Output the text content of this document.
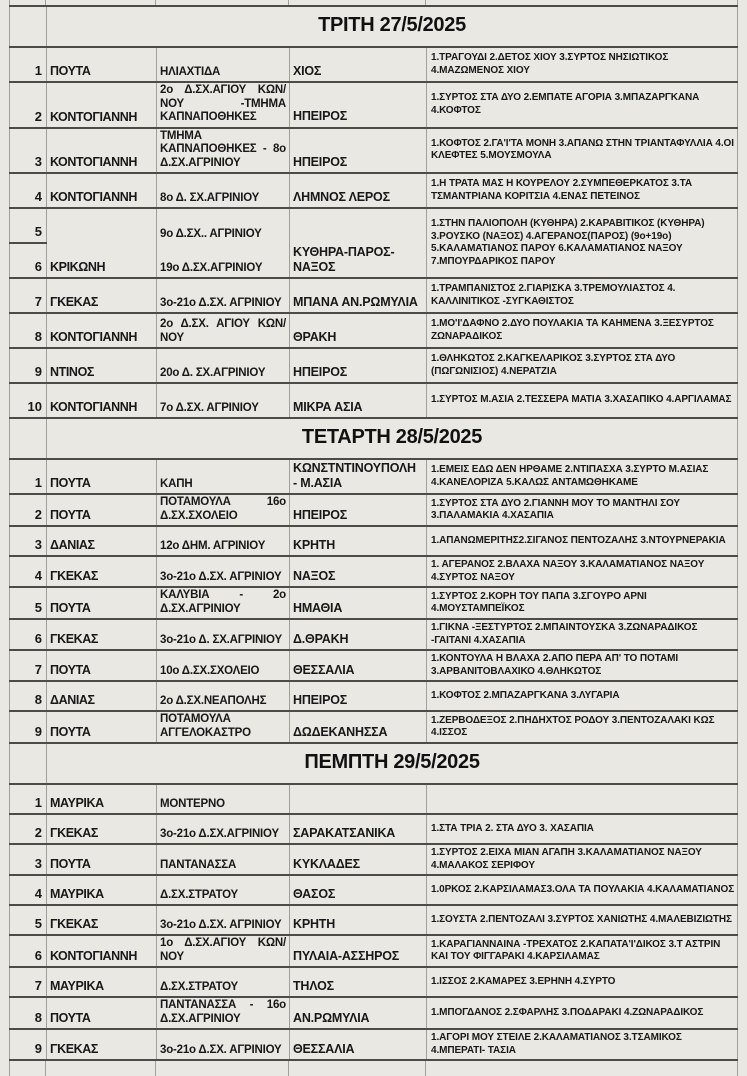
	ΤΡΙΤΗ 27/5/2025			
1	ΠΟΥΤΑ	ΗΛΙΑΧΤΙΔΑ	ΧΙΟΣ	1.ΤΡΑΓΟΥΔΙ 2.ΔΕΤΟΣ ΧΙΟΥ 3.ΣΥΡΤΟΣ ΝΗΣΙΩΤΙΚΟΣ 4.ΜΑΖΩΜΕΝΟΣ ΧΙΟΥ
2	ΚΟΝΤΟΓΙΑΝΝΗ	2ο Δ.ΣΧ.ΑΓΙΟΥ ΚΩΝ/ΝΟΥ -ΤΜΗΜΑ ΚΑΠΝΑΠΟΘΗΚΕΣ	ΗΠΕΙΡΟΣ	1.ΣΥΡΤΟΣ ΣΤΑ ΔΥΟ 2.ΕΜΠΑΤΕ ΑΓΟΡΙΑ 3.ΜΠΑΖΑΡΓΚΑΝΑ 4.ΚΟΦΤΟΣ
3	ΚΟΝΤΟΓΙΑΝΝΗ	ΤΜΗΜΑ ΚΑΠΝΑΠΟΘΗΚΕΣ - 8ο Δ.ΣΧ.ΑΓΡΙΝΙΟΥ	ΗΠΕΙΡΟΣ	1.ΚΟΦΤΟΣ 2.ΓΑ'Ι'ΤΑ ΜΟΝΗ 3.ΑΠΑΝΩ ΣΤΗΝ ΤΡΙΑΝΤΑΦΥΛΛΙΑ 4.ΟΙ ΚΛΕΦΤΕΣ 5.ΜΟΥΣΜΟΥΛΑ
4	ΚΟΝΤΟΓΙΑΝΝΗ	8ο Δ. ΣΧ.ΑΓΡΙΝΙΟΥ	ΛΗΜΝΟΣ ΛΕΡΟΣ	1.Η ΤΡΑΤΑ ΜΑΣ Η ΚΟΥΡΕΛΟΥ 2.ΣΥΜΠΕΘΕΡΚΑΤΟΣ 3.ΤΑ ΤΣΜΑΝΤΡΙΑΝΑ ΚΟΡΙΤΣΙΑ 4.ΕΝΑΣ ΠΕΤΕΙΝΟΣ
5	ΚΡΙΚΩΝΗ	9ο Δ.ΣΧ.. ΑΓΡΙΝΙΟΥ	ΚΥΘΗΡΑ-ΠΑΡΟΣ-ΝΑΞΟΣ	1.ΣΤΗΝ ΠΑΛΙΟΠΟΛΗ (ΚΥΘΗΡΑ) 2.ΚΑΡΑΒΙΤΙΚΟΣ (ΚΥΘΗΡΑ) 3.ΡΟΥΣΚΟ (ΝΑΞΟΣ) 4.ΑΓΕΡΑΝΟΣ(ΠΑΡΟΣ) (9ο+19ο) 5.ΚΑΛΑΜΑΤΙΑΝΟΣ ΠΑΡΟΥ 6.ΚΑΛΑΜΑΤΙΑΝΟΣ ΝΑΞΟΥ 7.ΜΠΟΥΡΔΑΡΙΚΟΣ ΠΑΡΟΥ
6		19ο Δ.ΣΧ.ΑΓΡΙΝΙΟΥ		
7	ΓΚΕΚΑΣ	3ο-21ο Δ.ΣΧ. ΑΓΡΙΝΙΟΥ	ΜΠΑΝΑ ΑΝ.ΡΩΜΥΛΙΑ	1.ΤΡΑΜΠΑΝΙΣΤΟΣ 2.ΓΙΑΡΙΣΚΑ 3.ΤΡΕΜΟΥΛΙΑΣΤΟΣ 4. ΚΑΛΛΙΝΙΤΙΚΟΣ -ΣΥΓΚΑΘΙΣΤΟΣ
8	ΚΟΝΤΟΓΙΑΝΝΗ	2ο Δ.ΣΧ. ΑΓΙΟΥ ΚΩΝ/ΝΟΥ	ΘΡΑΚΗ	1.ΜΟ'Ι'ΔΑΦΝΟ 2.ΔΥΟ ΠΟΥΛΑΚΙΑ ΤΑ ΚΑΗΜΕΝΑ 3.ΞΕΣΥΡΤΟΣ ΖΩΝΑΡΑΔΙΚΟΣ
9	ΝΤΙΝΟΣ	20ο Δ. ΣΧ.ΑΓΡΙΝΙΟΥ	ΗΠΕΙΡΟΣ	1.ΘΛΗΚΩΤΟΣ 2.ΚΑΓΚΕΛΑΡΙΚΟΣ 3.ΣΥΡΤΟΣ ΣΤΑ ΔΥΟ (ΠΩΓΩΝΙΣΙΟΣ) 4.ΝΕΡΑΤΖΙΑ
10	ΚΟΝΤΟΓΙΑΝΝΗ	7ο Δ.ΣΧ. ΑΓΡΙΝΙΟΥ	ΜΙΚΡΑ ΑΣΙΑ	1.ΣΥΡΤΟΣ Μ.ΑΣΙΑ 2.ΤΕΣΣΕΡΑ ΜΑΤΙΑ 3.ΧΑΣΑΠΙΚΟ 4.ΑΡΓΙΛΑΜΑΣ
	ΤΕΤΑΡΤΗ 28/5/2025			
1	ΠΟΥΤΑ	ΚΑΠΗ	ΚΩΝΣΤΝΤΙΝΟΥΠΟΛΗ - Μ.ΑΣΙΑ	1.ΕΜΕΙΣ ΕΔΩ ΔΕΝ ΗΡΘΑΜΕ 2.ΝΤΙΠΑΣΧΑ 3.ΣΥΡΤΟ Μ.ΑΣΙΑΣ 4.ΚΑΝΕΛΟΡΙΖΑ 5.ΚΑΛΩΣ ΑΝΤΑΜΩΘΗΚΑΜΕ
2	ΠΟΥΤΑ	ΠΟΤΑΜΟΥΛΑ 16ο Δ.ΣΧ.ΣΧΟΛΕΙΟ	ΗΠΕΙΡΟΣ	1.ΣΥΡΤΟΣ ΣΤΑ ΔΥΟ 2.ΓΙΑΝΝΗ ΜΟΥ ΤΟ ΜΑΝΤΗΛΙ ΣΟΥ 3.ΠΑΛΑΜΑΚΙΑ 4.ΧΑΣΑΠΙΑ
3	ΔΑΝΙΑΣ	12ο ΔΗΜ. ΑΓΡΙΝΙΟΥ	ΚΡΗΤΗ	1.ΑΠΑΝΩΜΕΡΙΤΗΣ2.ΣΙΓΑΝΟΣ ΠΕΝΤΟΖΑΛΗΣ 3.ΝΤΟΥΡΝΕΡΑΚΙΑ
4	ΓΚΕΚΑΣ	3ο-21ο Δ.ΣΧ. ΑΓΡΙΝΙΟΥ	ΝΑΞΟΣ	1. ΑΓΕΡΑΝΟΣ 2.ΒΛΑΧΑ ΝΑΞΟΥ 3.ΚΑΛΑΜΑΤΙΑΝΟΣ ΝΑΞΟΥ 4.ΣΥΡΤΟΣ ΝΑΞΟΥ
5	ΠΟΥΤΑ	ΚΑΛΥΒΙΑ - 2ο Δ.ΣΧ.ΑΓΡΙΝΙΟΥ	ΗΜΑΘΙΑ	1.ΣΥΡΤΟΣ 2.ΚΟΡΗ ΤΟΥ ΠΑΠΑ 3.ΣΓΟΥΡΟ ΑΡΝΙ 4.ΜΟΥΣΤΑΜΠΕΪΚΟΣ
6	ΓΚΕΚΑΣ	3ο-21ο Δ. ΣΧ.ΑΓΡΙΝΙΟΥ	Δ.ΘΡΑΚΗ	1.ΓΙΚΝΑ -ΞΕΣΤΥΡΤΟΣ 2.ΜΠΑΙΝΤΟΥΣΚΑ 3.ΖΩΝΑΡΑΔΙΚΟΣ -ΓΑΙΤΑΝΙ 4.ΧΑΣΑΠΙΑ
7	ΠΟΥΤΑ	10ο Δ.ΣΧ.ΣΧΟΛΕΙΟ	ΘΕΣΣΑΛΙΑ	1.ΚΟΝΤΟΥΛΑ Η ΒΛΑΧΑ 2.ΑΠΟ ΠΕΡΑ ΑΠ' ΤΟ ΠΟΤΑΜΙ 3.ΑΡΒΑΝΙΤΟΒΛΑΧΙΚΟ 4.ΘΛΗΚΩΤΟΣ
8	ΔΑΝΙΑΣ	2ο Δ.ΣΧ.ΝΕΑΠΟΛΗΣ	ΗΠΕΙΡΟΣ	1.ΚΟΦΤΟΣ 2.ΜΠΑΖΑΡΓΚΑΝΑ 3.ΛΥΓΑΡΙΑ
9	ΠΟΥΤΑ	ΠΟΤΑΜΟΥΛΑ ΑΓΓΕΛΟΚΑΣΤΡΟ	ΔΩΔΕΚΑΝΗΣΣΑ	1.ΖΕΡΒΟΔΕΞΟΣ 2.ΠΗΔΗΧΤΟΣ ΡΟΔΟΥ 3.ΠΕΝΤΟΖΑΛΑΚΙ ΚΩΣ 4.ΙΣΣΟΣ
	ΠΕΜΠΤΗ 29/5/2025			
1	ΜΑΥΡΙΚΑ	ΜΟΝΤΕΡΝΟ		
2	ΓΚΕΚΑΣ	3ο-21ο Δ.ΣΧ.ΑΓΡΙΝΙΟΥ	ΣΑΡΑΚΑΤΣΑΝΙΚΑ	1.ΣΤΑ ΤΡΙΑ 2. ΣΤΑ ΔΥΟ 3. ΧΑΣΑΠΙΑ
3	ΠΟΥΤΑ	ΠΑΝΤΑΝΑΣΣΑ	ΚΥΚΛΑΔΕΣ	1.ΣΥΡΤΟΣ 2.ΕΙΧΑ ΜΙΑΝ ΑΓΑΠΗ 3.ΚΑΛΑΜΑΤΙΑΝΟΣ ΝΑΞΟΥ 4.ΜΑΛΑΚΟΣ ΣΕΡΙΦΟΥ
4	ΜΑΥΡΙΚΑ	Δ.ΣΧ.ΣΤΡΑΤΟΥ	ΘΑΣΟΣ	1.0ΡΚΟΣ 2.ΚΑΡΣΙΛΑΜΑΣ3.ΟΛΑ ΤΑ ΠΟΥΛΑΚΙΑ 4.ΚΑΛΑΜΑΤΙΑΝΟΣ
5	ΓΚΕΚΑΣ	3ο-21ο Δ.ΣΧ. ΑΓΡΙΝΙΟΥ	ΚΡΗΤΗ	1.ΣΟΥΣΤΑ 2.ΠΕΝΤΟΖΑΛΙ 3.ΣΥΡΤΟΣ ΧΑΝΙΩΤΗΣ 4.ΜΑΛΕΒΙΖΙΩΤΗΣ
6	ΚΟΝΤΟΓΙΑΝΝΗ	1ο Δ.ΣΧ.ΑΓΙΟΥ ΚΩΝ/ ΝΟΥ	ΠΥΛΑΙΑ-ΑΣΣΗΡΟΣ	1.ΚΑΡΑΓΙΑΝΝΑΙΝΑ -ΤΡΕΧΑΤΟΣ 2.ΚΑΠΑΤΑ'Ι'ΔΙΚΟΣ 3.Τ ΑΣΤΡΙΝ ΚΑΙ ΤΟΥ ΦΙΓΓΑΡΑΚΙ 4.ΚΑΡΣΙΛΑΜΑΣ
7	ΜΑΥΡΙΚΑ	Δ.ΣΧ.ΣΤΡΑΤΟΥ	ΤΗΛΟΣ	1.ΙΣΣΟΣ 2.ΚΑΜΑΡΕΣ 3.ΕΡΗΝΗ 4.ΣΥΡΤΟ
8	ΠΟΥΤΑ	ΠΑΝΤΑΝΑΣΣΑ - 16ο Δ.ΣΧ.ΑΓΡΙΝΙΟΥ	ΑΝ.ΡΩΜΥΛΙΑ	1.ΜΠΟΓΔΑΝΟΣ 2.ΣΦΑΡΛΗΣ 3.ΠΟΔΑΡΑΚΙ 4.ΖΩΝΑΡΑΔΙΚΟΣ
9	ΓΚΕΚΑΣ	3ο-21ο Δ.ΣΧ. ΑΓΡΙΝΙΟΥ	ΘΕΣΣΑΛΙΑ	1.ΑΓΟΡΙ ΜΟΥ ΣΤΕΙΛΕ 2.ΚΑΛΑΜΑΤΙΑΝΟΣ 3.ΤΣΑΜΙΚΟΣ 4.ΜΠΕΡΑΤΙ- ΤΑΣΙΑ
